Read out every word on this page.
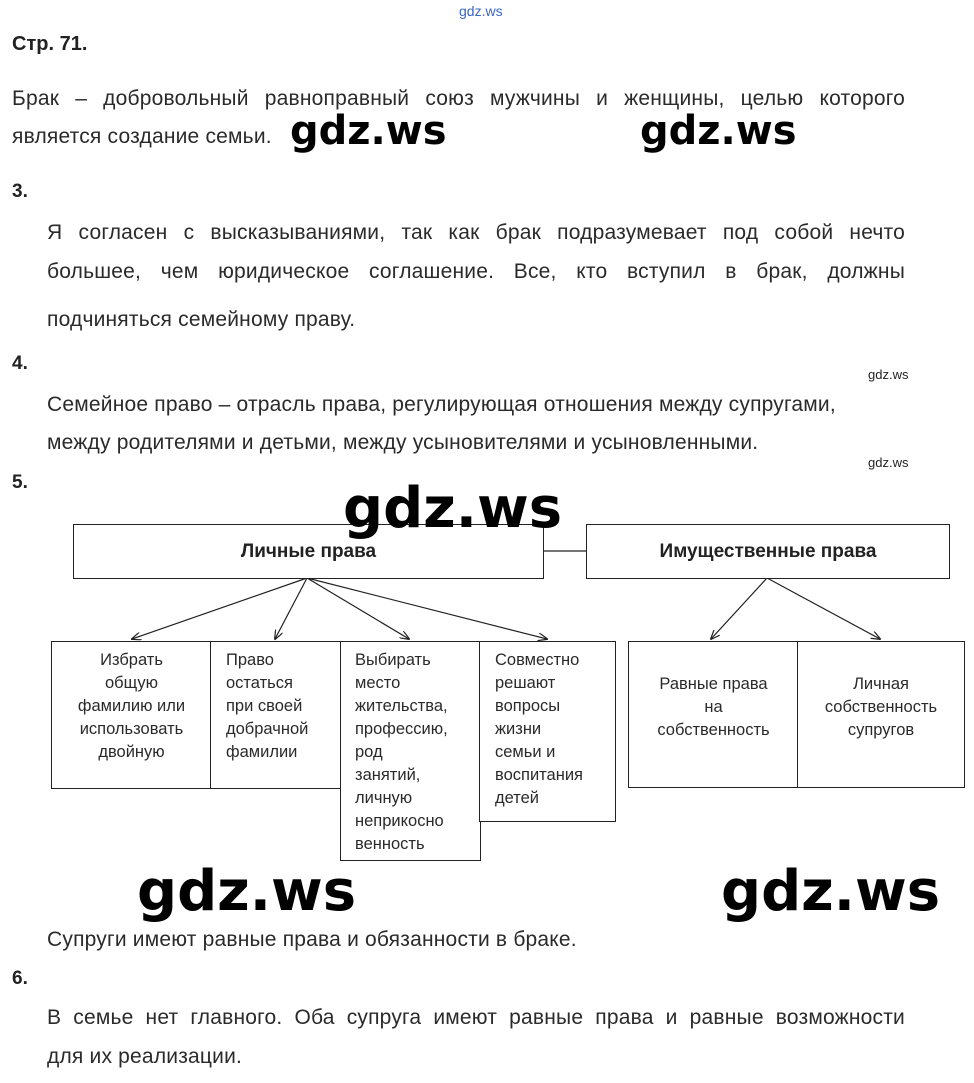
gdz.ws
Стр. 71.
Брак – добровольный равноправный союз мужчины и женщины, целью которого
является создание семьи. gdz.ws	gdz.ws
3.
Я согласен с высказываниями, так как брак подразумевает под собой нечто
большее, чем юридическое соглашение. Все, кто вступил в брак, должны
подчиняться семейному праву.
4.
gdz.ws
Семейное право – отрасль права, регулирующая отношения между супругами,
между родителями и детьми, между усыновителями и усыновленными.
gdz.ws
5.
Личные права	Имущественные права
Избрать
общую
фамилию или
использовать
двойную
Право
остаться
при своей
добрачной
фамилии
Выбирать
место
жительства,
профессию,
род
занятий,
личную
неприкосно
венность
Совместно
решают
вопросы
жизни
семьи и
воспитания
детей
Равные права
на
собственность
Личная
собственность
супругов
gdz.ws
gdz.ws	gdz.ws
Супруги имеют равные права и обязанности в браке.
6.
В семье нет главного. Оба супруга имеют равные права и равные возможности
для их реализации.
